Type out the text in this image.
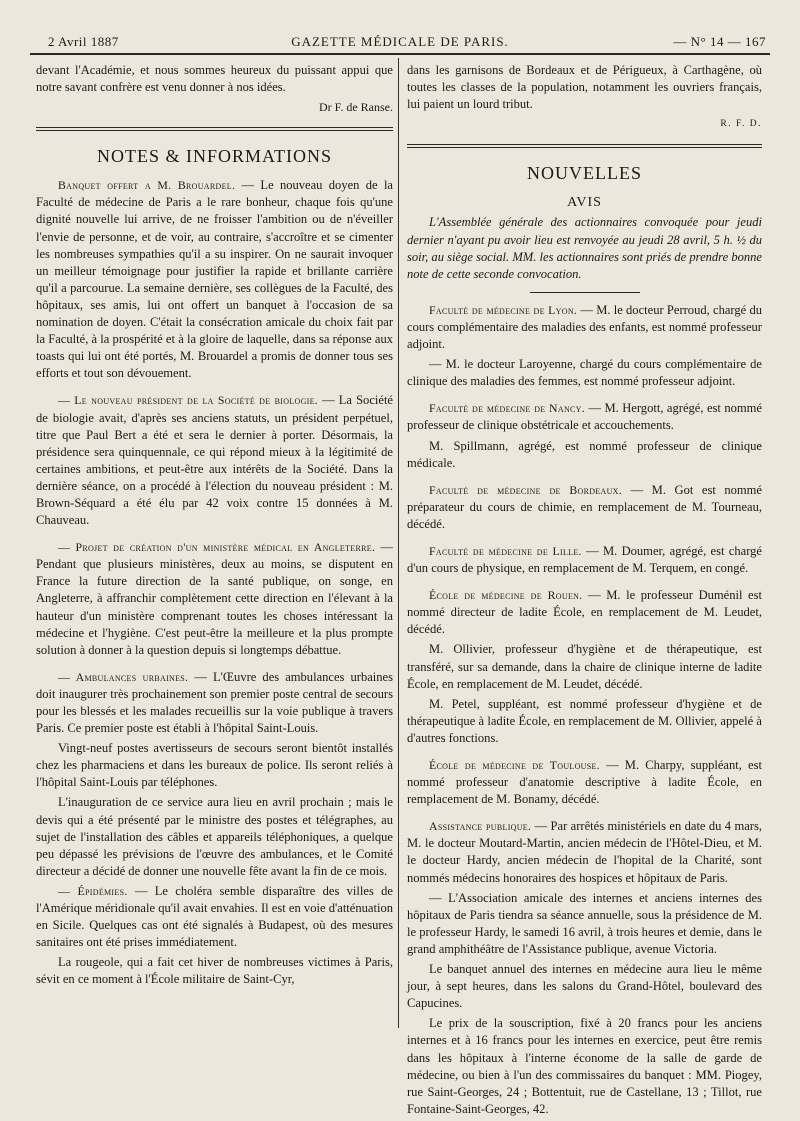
2 Avril 1887	GAZETTE MÉDICALE DE PARIS.	— N° 14 — 167

devant l'Académie, et nous sommes heureux du puissant appui que notre savant confrère est venu donner à nos idées.

Dr F. de Ranse.

NOTES & INFORMATIONS

Banquet offert a M. Brouardel. — Le nouveau doyen de la Faculté de médecine de Paris a le rare bonheur, chaque fois qu'une dignité nouvelle lui arrive, de ne froisser l'ambition ou de n'éveiller l'envie de personne, et de voir, au contraire, s'accroître et se cimenter les nombreuses sympathies qu'il a su inspirer. On ne saurait invoquer un meilleur témoignage pour justifier la rapide et brillante carrière qu'il a parcourue. La semaine dernière, ses collègues de la Faculté, des hôpitaux, ses amis, lui ont offert un banquet à l'occasion de sa nomination de doyen. C'était la consécration amicale du choix fait par la Faculté, à la prospérité et à la gloire de laquelle, dans sa réponse aux toasts qui lui ont été portés, M. Brouardel a promis de donner tous ses efforts et tout son dévouement.

— Le nouveau président de la Société de biologie. — La Société de biologie avait, d'après ses anciens statuts, un président perpétuel, titre que Paul Bert a été et sera le dernier à porter. Désormais, la présidence sera quinquennale, ce qui répond mieux à la légitimité de certaines ambitions, et peut-être aux intérêts de la Société. Dans la dernière séance, on a procédé à l'élection du nouveau président : M. Brown-Séquard a été élu par 42 voix contre 15 données à M. Chauveau.

— Projet de création d'un ministère médical en Angleterre. — Pendant que plusieurs ministères, deux au moins, se disputent en France la future direction de la santé publique, on songe, en Angleterre, à affranchir complètement cette direction en l'élevant à la hauteur d'un ministère comprenant toutes les choses intéressant la médecine et l'hygiène. C'est peut-être la meilleure et la plus prompte solution à donner à la question depuis si longtemps débattue.

— Ambulances urbaines. — L'Œuvre des ambulances urbaines doit inaugurer très prochainement son premier poste central de secours pour les blessés et les malades recueillis sur la voie publique à travers Paris. Ce premier poste est établi à l'hôpital Saint-Louis.

Vingt-neuf postes avertisseurs de secours seront bientôt installés chez les pharmaciens et dans les bureaux de police. Ils seront reliés à l'hôpital Saint-Louis par téléphones.

L'inauguration de ce service aura lieu en avril prochain ; mais le devis qui a été présenté par le ministre des postes et télégraphes, au sujet de l'installation des câbles et appareils téléphoniques, a quelque peu dépassé les prévisions de l'œuvre des ambulances, et le Comité directeur a décidé de donner une nouvelle fête avant la fin de ce mois.

— Épidémies. — Le choléra semble disparaître des villes de l'Amérique méridionale qu'il avait envahies. Il est en voie d'atténuation en Sicile. Quelques cas ont été signalés à Budapest, où des mesures sanitaires ont été prises immédiatement.

La rougeole, qui a fait cet hiver de nombreuses victimes à Paris, sévit en ce moment à l'École militaire de Saint-Cyr,

dans les garnisons de Bordeaux et de Périgueux, à Carthagène, où toutes les classes de la population, notamment les ouvriers français, lui paient un lourd tribut.

R. F. D.

NOUVELLES
AVIS

L'Assemblée générale des actionnaires convoquée pour jeudi dernier n'ayant pu avoir lieu est renvoyée au jeudi 28 avril, 5 h. ½ du soir, au siège social. MM. les actionnaires sont priés de prendre bonne note de cette seconde convocation.

Faculté de médecine de Lyon. — M. le docteur Perroud, chargé du cours complémentaire des maladies des enfants, est nommé professeur adjoint.

— M. le docteur Laroyenne, chargé du cours complémentaire de clinique des maladies des femmes, est nommé professeur adjoint.

Faculté de médecine de Nancy. — M. Hergott, agrégé, est nommé professeur de clinique obstétricale et accouchements.

M. Spillmann, agrégé, est nommé professeur de clinique médicale.

Faculté de médecine de Bordeaux. — M. Got est nommé préparateur du cours de chimie, en remplacement de M. Tourneau, décédé.

Faculté de médecine de Lille. — M. Doumer, agrégé, est chargé d'un cours de physique, en remplacement de M. Terquem, en congé.

École de médecine de Rouen. — M. le professeur Duménil est nommé directeur de ladite École, en remplacement de M. Leudet, décédé.

M. Ollivier, professeur d'hygiène et de thérapeutique, est transféré, sur sa demande, dans la chaire de clinique interne de ladite École, en remplacement de M. Leudet, décédé.

M. Petel, suppléant, est nommé professeur d'hygiène et de thérapeutique à ladite École, en remplacement de M. Ollivier, appelé à d'autres fonctions.

École de médecine de Toulouse. — M. Charpy, suppléant, est nommé professeur d'anatomie descriptive à ladite École, en remplacement de M. Bonamy, décédé.

Assistance publique. — Par arrêtés ministériels en date du 4 mars, M. le docteur Moutard-Martin, ancien médecin de l'Hôtel-Dieu, et M. le docteur Hardy, ancien médecin de l'hopital de la Charité, sont nommés médecins honoraires des hospices et hôpitaux de Paris.

— L'Association amicale des internes et anciens internes des hôpitaux de Paris tiendra sa séance annuelle, sous la présidence de M. le professeur Hardy, le samedi 16 avril, à trois heures et demie, dans le grand amphithéâtre de l'Assistance publique, avenue Victoria.

Le banquet annuel des internes en médecine aura lieu le même jour, à sept heures, dans les salons du Grand-Hôtel, boulevard des Capucines.

Le prix de la souscription, fixé à 20 francs pour les anciens internes et à 16 francs pour les internes en exercice, peut être remis dans les hôpitaux à l'interne économe de la salle de garde de médecine, ou bien à l'un des commissaires du banquet : MM. Piogey, rue Saint-Georges, 24 ; Bottentuit, rue de Castellane, 13 ; Tillot, rue Fontaine-Saint-Georges, 42.
